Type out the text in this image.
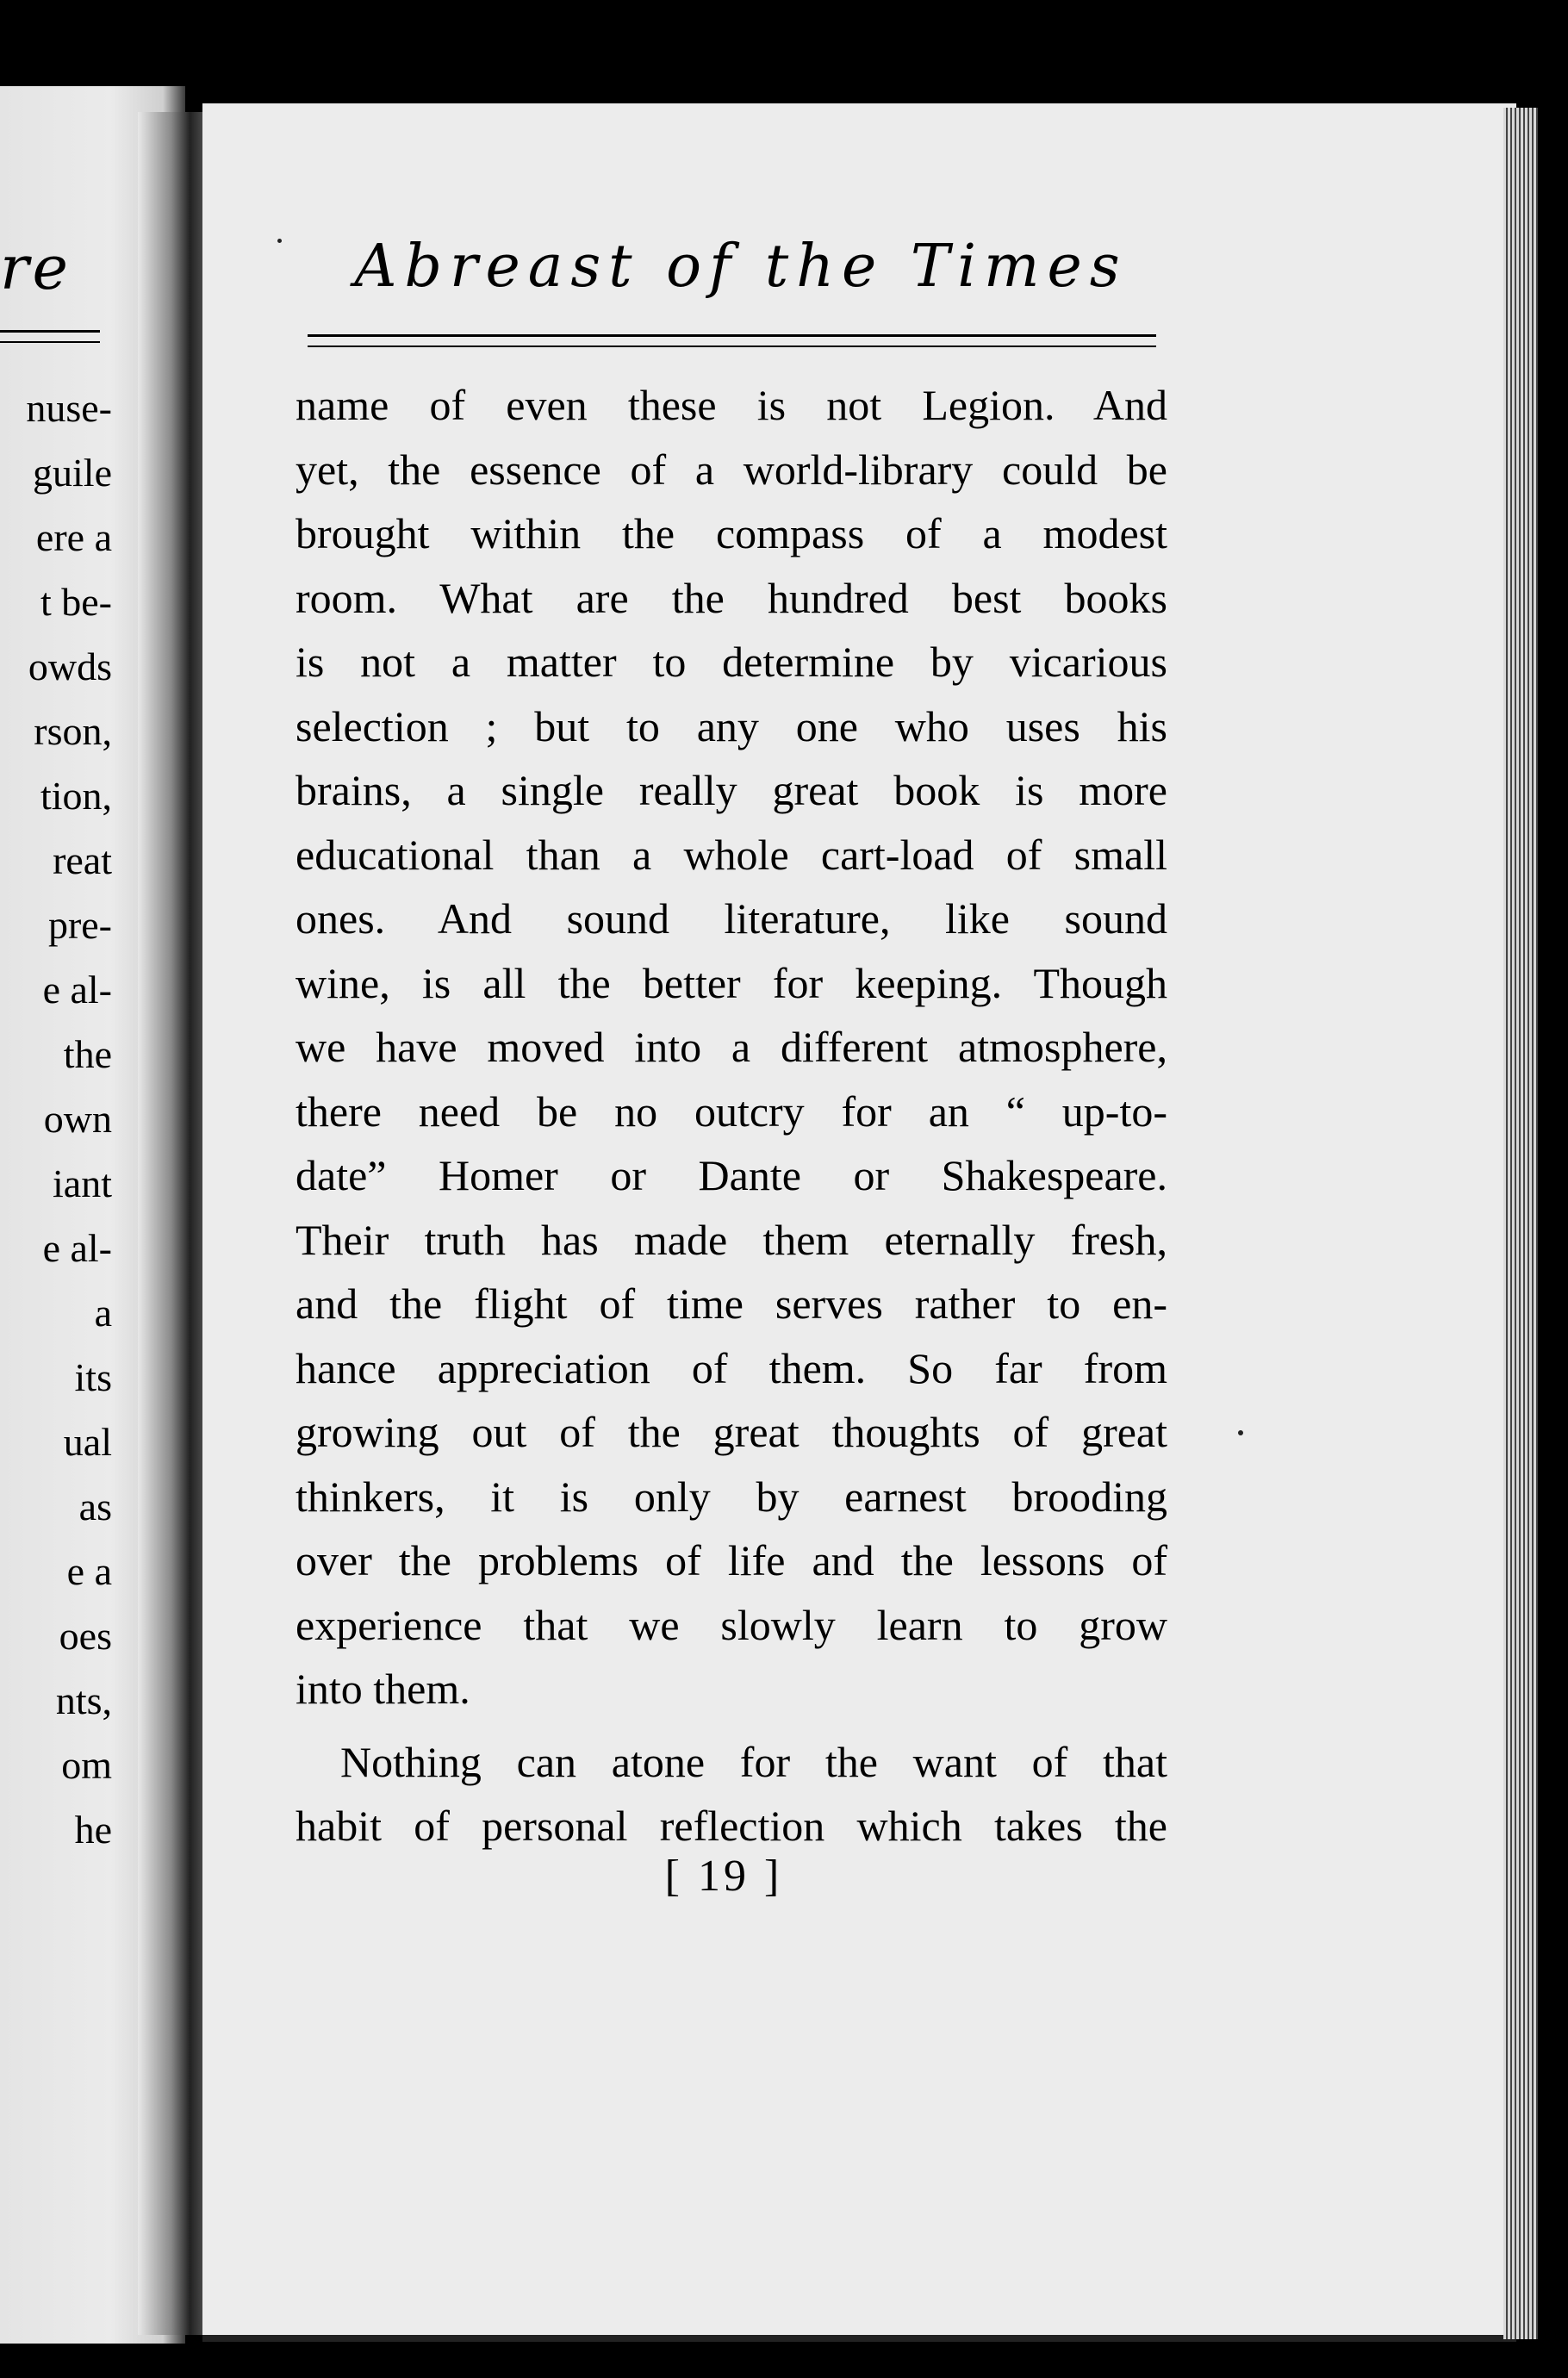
re
nuse-
guile
ere a
t be-
owds
rson,
tion,
reat
pre-
e al-
the
own
iant
e al-
a
its
ual
as
e a
oes
nts,
om
he
Abreast of the Times
name of even these is not Legion. And
yet, the essence of a world-library could be
brought within the compass of a modest
room. What are the hundred best books
is not a matter to determine by vicarious
selection ; but to any one who uses his
brains, a single really great book is more
educational than a whole cart-load of small
ones. And sound literature, like sound
wine, is all the better for keeping. Though
we have moved into a different atmosphere,
there need be no outcry for an “ up-to-
date” Homer or Dante or Shakespeare.
Their truth has made them eternally fresh,
and the flight of time serves rather to en-
hance appreciation of them. So far from
growing out of the great thoughts of great
thinkers, it is only by earnest brooding
over the problems of life and the lessons of
experience that we slowly learn to grow
into them.
Nothing can atone for the want of that
habit of personal reflection which takes the
[ 19 ]
